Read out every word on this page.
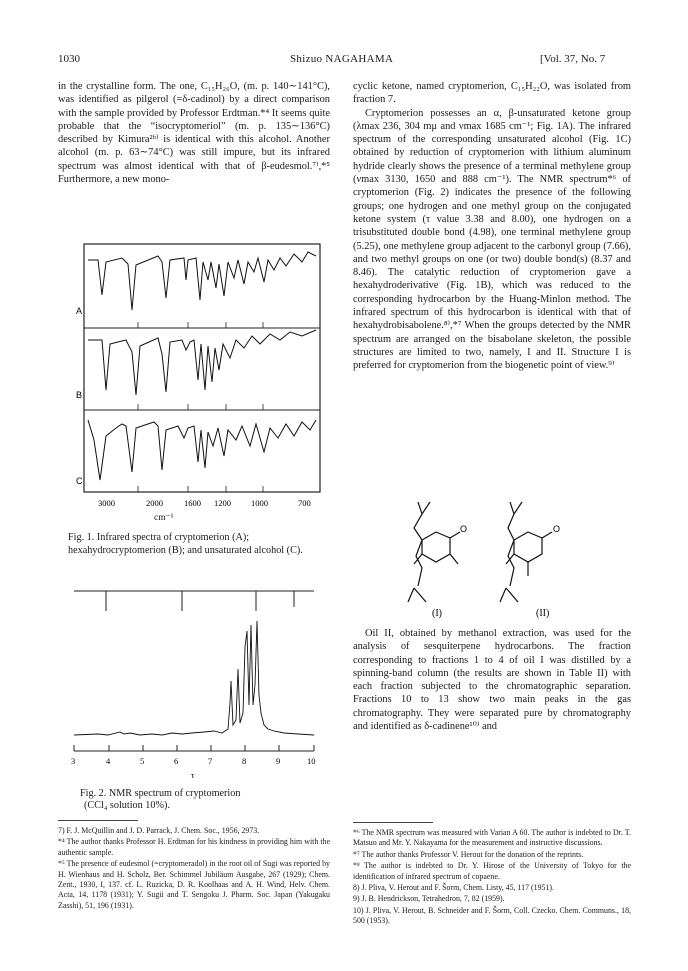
1030	Shizuo NAGAHAMA	[Vol. 37, No. 7

in the crystalline form. The one, C₁₅H₂₆O, (m. p. 140∼141°C), was identified as pilgerol (=δ-cadinol) by a direct comparison with the sample provided by Professor Erdtman.*⁴ It seems quite probable that the “isocryptomeriol” (m. p. 135∼136°C) described by Kimura²ᵇ⁾ is identical with this alcohol. Another alcohol (m. p. 63∼74°C) was still impure, but its infrared spectrum was almost identical with that of β-eudesmol.⁷⁾,*⁵ Furthermore, a new mono-

cyclic ketone, named cryptomerion, C₁₅H₂₂O, was isolated from fraction 7.

Cryptomerion possesses an α, β-unsaturated ketone group (λmax 236, 304 mμ and νmax 1685 cm⁻¹; Fig. 1A). The infrared spectrum of the corresponding unsaturated alcohol (Fig. 1C) obtained by reduction of cryptomerion with lithium aluminum hydride clearly shows the presence of a terminal methylene group (νmax 3130, 1650 and 888 cm⁻¹). The NMR spectrum*⁶ of cryptomerion (Fig. 2) indicates the presence of the following groups; one hydrogen and one methyl group on the conjugated ketone system (τ value 3.38 and 8.00), one hydrogen on a trisubstituted double bond (4.98), one terminal methylene group (5.25), one methylene group adjacent to the carbonyl group (7.66), and two methyl groups on one (or two) double bond(s) (8.37 and 8.46). The catalytic reduction of cryptomerion gave a hexahydroderivative (Fig. 1B), which was reduced to the corresponding hydrocarbon by the Huang-Minlon method. The infrared spectrum of this hydrocarbon is identical with that of hexahydrobisabolene.⁸⁾,*⁷ When the groups detected by the NMR spectrum are arranged on the bisabolane skeleton, the possible structures are limited to two, namely, I and II. Structure I is preferred for cryptomerion from the biogenetic point of view.⁹⁾

A
B
C
3000	2000 1600 1200 1000	700
cm⁻¹
Fig. 1. Infrared spectra of cryptomerion (A); hexahydrocryptomerion (B); and unsaturated alcohol (C).
3	4	5	6	7	8	9	10
τ
Fig. 2. NMR spectrum of cryptomerion
(CCl₄ solution 10%).
O	O
(I)	(II)

Oil II, obtained by methanol extraction, was used for the analysis of sesquiterpene hydrocarbons. The fraction corresponding to fractions 1 to 4 of oil I was distilled by a spinning-band column (the results are shown in Table II) with each fraction subjected to the chromatographic separation. Fractions 10 to 13 show two main peaks in the gas chromatography. They were separated pure by chromatography and identified as δ-cadinene¹⁰⁾ and

7) F. J. McQuillin and J. D. Parrack, J. Chem. Soc., 1956, 2973.

*⁴ The author thanks Professor H. Erdtman for his kindness in providing him with the authentic sample.

*⁵ The presence of eudesmol (=cryptomeradol) in the root oil of Sugi was reported by H. Wienhaus and H. Scholz, Ber. Schimmel Jubiläum Ausgabe, 267 (1929); Chem. Zent., 1930, I, 137. cf. L. Ruzicka, D. R. Koolhaas and A. H. Wind, Helv. Chem. Acta, 14, 1178 (1931); Y. Sugii and T. Sengoku J. Pharm. Soc. Japan (Yakugaku Zasshi), 51, 196 (1931).

*⁶ The NMR spectrum was measured with Varian A 60. The author is indebted to Dr. T. Matsuo and Mr. Y. Nakayama for the measurement and instructive discussions.

*⁷ The author thanks Professor V. Herout for the donation of the reprints.

*⁸ The author is indebted to Dr. Y. Hirose of the University of Tokyo for the identification of infrared spectrum of copaene.

8) J. Pliva, V. Herout and F. Šorm, Chem. Listy, 45, 117 (1951).

9) J. B. Hendrickson, Tetrahedron, 7, 82 (1959).

10) J. Pliva, V. Herout, B. Schneider and F. Šorm, Coll. Czecko. Chem. Communs., 18, 500 (1953).
